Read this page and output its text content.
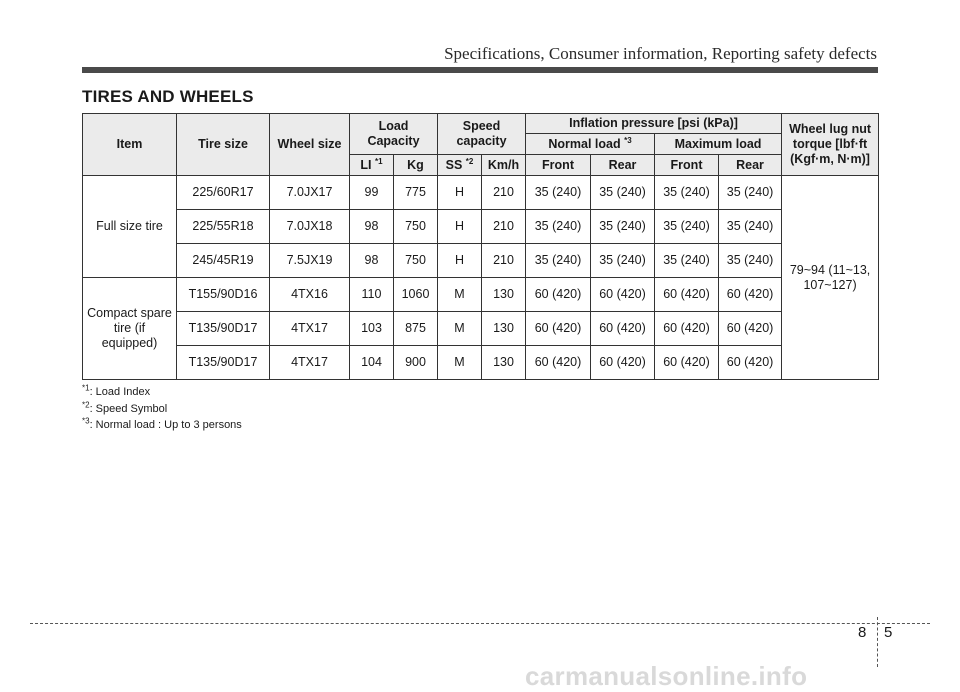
Specifications, Consumer information, Reporting safety defects
TIRES AND WHEELS
Item	Tire size	Wheel size	Load Capacity		Speed capacity		Inflation pressure [psi (kPa)]				Wheel lug nut torque [lbf·ft (Kgf·m, N·m)]
							Normal load $^{*3}$		Maximum load		
			LI $^{*1}$	Kg	SS $^{*2}$	Km/h	Front	Rear	Front	Rear	
Full size tire	225/60R17	7.0JX17	99	775	H	210	35 (240)	35 (240)	35 (240)	35 (240)	79~94 (11~13, 107~127)
	225/55R18	7.0JX18	98	750	H	210	35 (240)	35 (240)	35 (240)	35 (240)	
	245/45R19	7.5JX19	98	750	H	210	35 (240)	35 (240)	35 (240)	35 (240)	
Compact spare tire (if equipped)	T155/90D16	4TX16	110	1060	M	130	60 (420)	60 (420)	60 (420)	60 (420)	
	T135/90D17	4TX17	103	875	M	130	60 (420)	60 (420)	60 (420)	60 (420)	
	T135/90D17	4TX17	104	900	M	130	60 (420)	60 (420)	60 (420)	60 (420)	
$^{*1}$: Load Index
$^{*2}$: Speed Symbol
$^{*3}$: Normal load : Up to 3 persons
8 5
carmanualsonline.info
